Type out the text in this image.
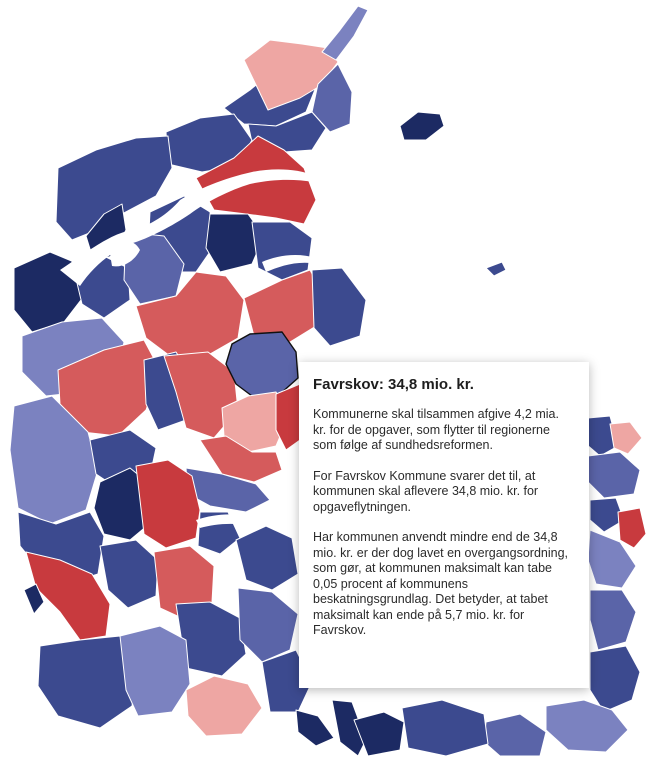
Favrskov: 34,8 mio. kr.

Kommunerne skal tilsammen afgive 4,2 mia. kr. for de opgaver, som flytter til regionerne som følge af sundhedsreformen.

For Favrskov Kommune svarer det til, at kommunen skal aflevere 34,8 mio. kr. for opgaveflytningen.

Har kommunen anvendt mindre end de 34,8 mio. kr. er der dog lavet en overgangsordning, som gør, at kommunen maksimalt kan tabe 0,05 procent af kommunens beskatningsgrundlag. Det betyder, at tabet maksimalt kan ende på 5,7 mio. kr. for Favrskov.
